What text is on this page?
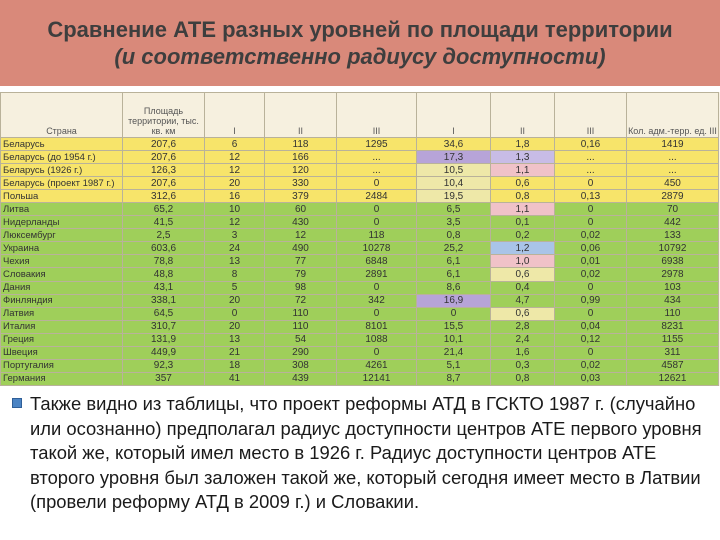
Сравнение АТЕ разных уровней по площади территории
(и соответственно радиусу доступности)
Страна	Площадь территории, тыс. кв. км	I	II	III	I	II	III	Кол. адм.-терр. ед. III
Беларусь	207,6	6	118	1295	34,6	1,8	0,16	1419
Беларусь (до 1954 г.)	207,6	12	166	...	17,3	1,3	...	...
Беларусь (1926 г.)	126,3	12	120	...	10,5	1,1	...	...
Беларусь (проект 1987 г.)	207,6	20	330	0	10,4	0,6	0	450
Польша	312,6	16	379	2484	19,5	0,8	0,13	2879
Литва	65,2	10	60	0	6,5	1,1	0	70
Нидерланды	41,5	12	430	0	3,5	0,1	0	442
Люксембург	2,5	3	12	118	0,8	0,2	0,02	133
Украина	603,6	24	490	10278	25,2	1,2	0,06	10792
Чехия	78,8	13	77	6848	6,1	1,0	0,01	6938
Словакия	48,8	8	79	2891	6,1	0,6	0,02	2978
Дания	43,1	5	98	0	8,6	0,4	0	103
Финляндия	338,1	20	72	342	16,9	4,7	0,99	434
Латвия	64,5	0	110	0	0	0,6	0	110
Италия	310,7	20	110	8101	15,5	2,8	0,04	8231
Греция	131,9	13	54	1088	10,1	2,4	0,12	1155
Швеция	449,9	21	290	0	21,4	1,6	0	311
Португалия	92,3	18	308	4261	5,1	0,3	0,02	4587
Германия	357	41	439	12141	8,7	0,8	0,03	12621

Также видно из таблицы, что проект реформы АТД в ГСКТО 1987 г. (случайно или осознанно) предполагал радиус доступности центров АТЕ первого уровня такой же, который имел место в 1926 г. Радиус доступности центров АТЕ второго уровня был заложен такой же, который сегодня имеет место в Латвии (провели реформу АТД в 2009 г.) и Словакии.
